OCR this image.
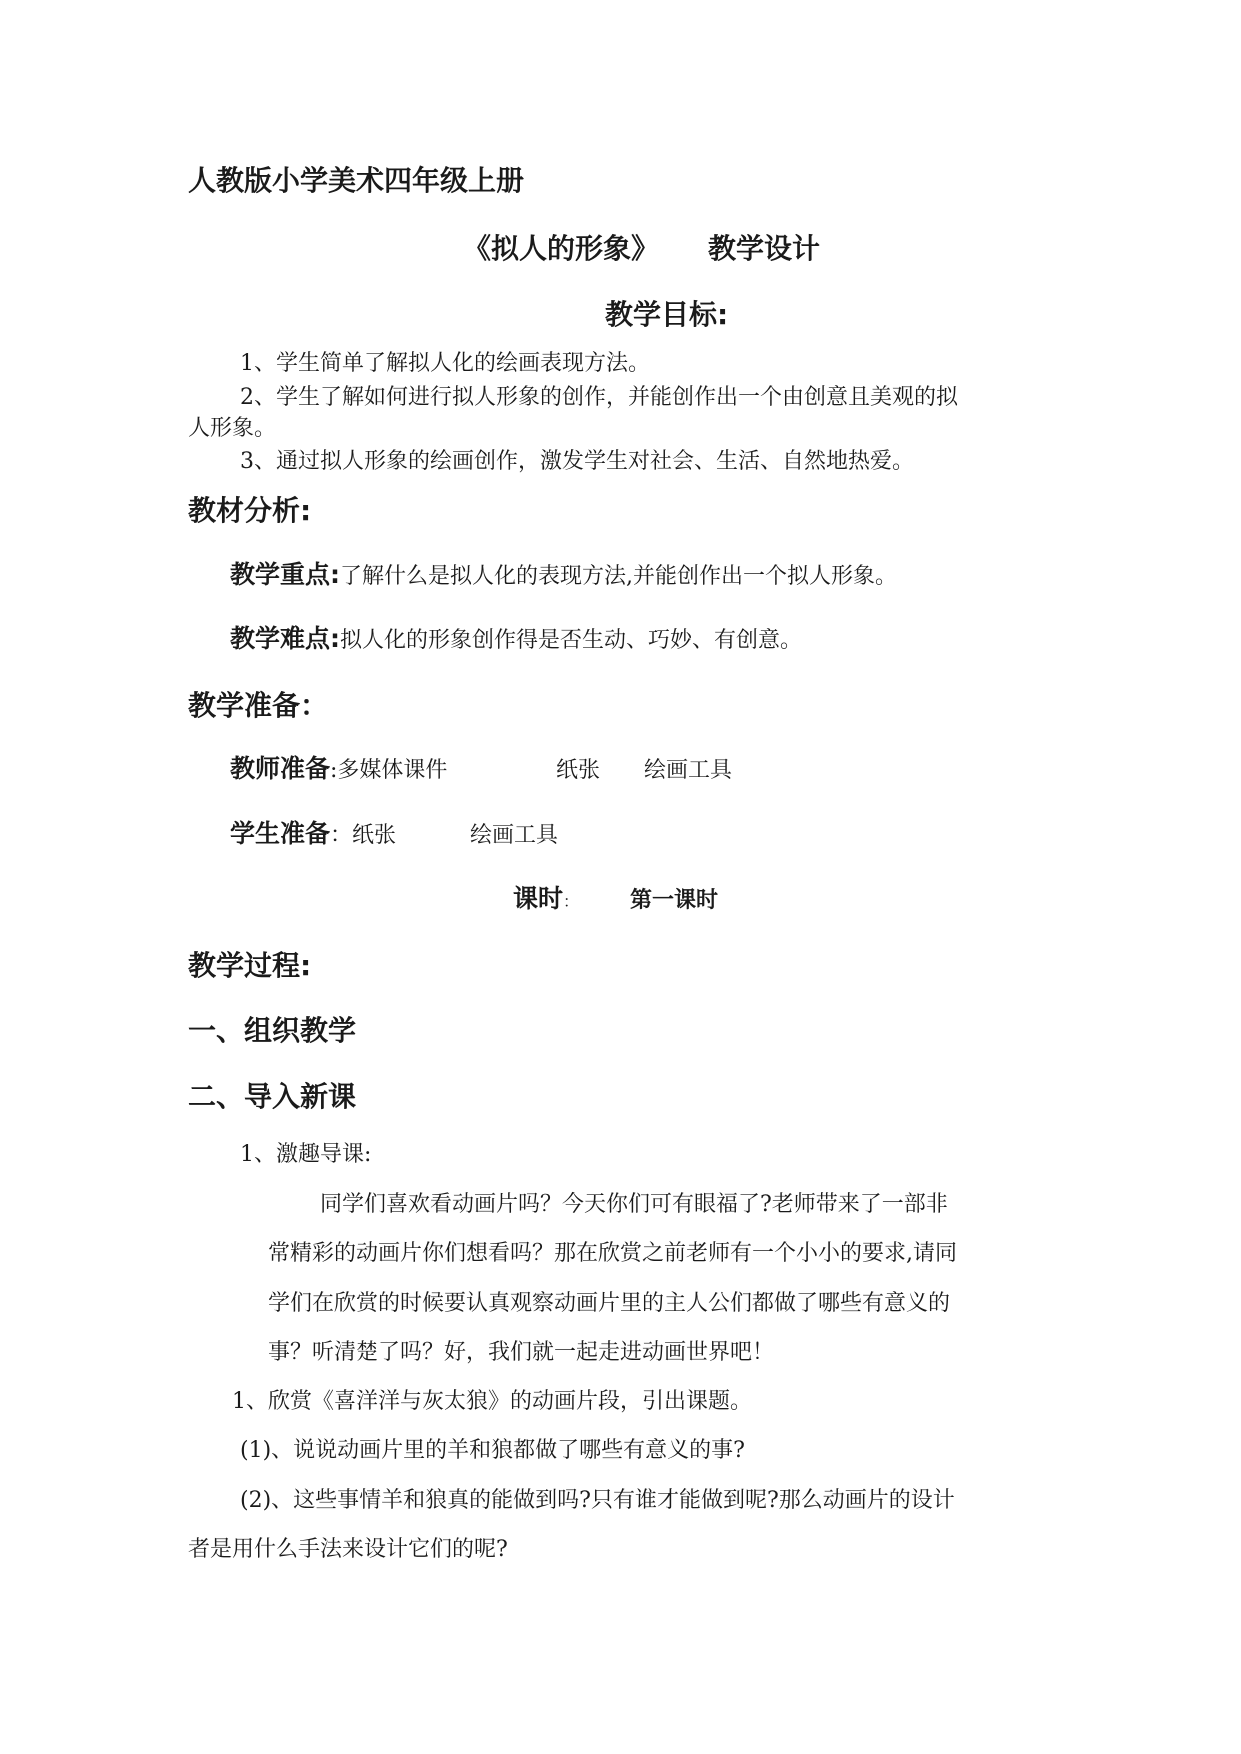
人教版小学美术四年级上册
《拟人的形象》 教学设计
教学目标:
1、学生简单了解拟人化的绘画表现方法。
2、学生了解如何进行拟人形象的创作，并能创作出一个由创意且美观的拟
人形象。
3、通过拟人形象的绘画创作，激发学生对社会、生活、自然地热爱。
教材分析:
教学重点:了解什么是拟人化的表现方法,并能创作出一个拟人形象。
教学难点:拟人化的形象创作得是否生动、巧妙、有创意。
教学准备：
教师准备:多媒体课件	纸张 绘画工具
学生准备：纸张	绘画工具
课时： 第一课时
教学过程:
一、组织教学
二、导入新课
1、激趣导课:
同学们喜欢看动画片吗？今天你们可有眼福了?老师带来了一部非
常精彩的动画片你们想看吗？那在欣赏之前老师有一个小小的要求,请同
学们在欣赏的时候要认真观察动画片里的主人公们都做了哪些有意义的
事？听清楚了吗？好，我们就一起走进动画世界吧！
1、欣赏《喜洋洋与灰太狼》的动画片段，引出课题。
(1)、说说动画片里的羊和狼都做了哪些有意义的事?
(2)、这些事情羊和狼真的能做到吗?只有谁才能做到呢?那么动画片的设计
者是用什么手法来设计它们的呢?
